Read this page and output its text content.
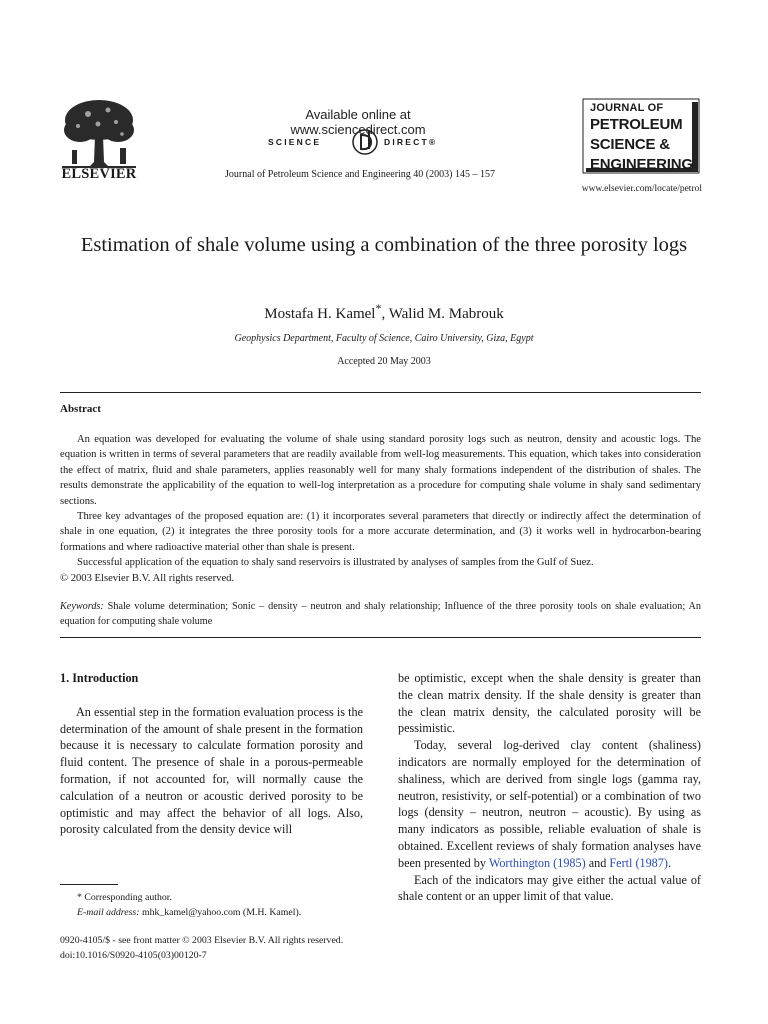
ELSEVIER
Available online at www.sciencedirect.com
SCIENCE	DIRECT®
Journal of Petroleum Science and Engineering 40 (2003) 145 – 157
JOURNAL OF
PETROLEUM
SCIENCE &
ENGINEERING
www.elsevier.com/locate/petrol
Estimation of shale volume using a combination of the three porosity logs
Mostafa H. Kamel*, Walid M. Mabrouk
Geophysics Department, Faculty of Science, Cairo University, Giza, Egypt
Accepted 20 May 2003
Abstract

An equation was developed for evaluating the volume of shale using standard porosity logs such as neutron, density and acoustic logs. The equation is written in terms of several parameters that are readily available from well-log measurements. This equation, which takes into consideration the effect of matrix, fluid and shale parameters, applies reasonably well for many shaly formations independent of the distribution of shales. The results demonstrate the applicability of the equation to well-log interpretation as a procedure for computing shale volume in shaly sand sedimentary sections.

Three key advantages of the proposed equation are: (1) it incorporates several parameters that directly or indirectly affect the determination of shale in one equation, (2) it integrates the three porosity tools for a more accurate determination, and (3) it works well in hydrocarbon-bearing formations and where radioactive material other than shale is present.

Successful application of the equation to shaly sand reservoirs is illustrated by analyses of samples from the Gulf of Suez.

© 2003 Elsevier B.V. All rights reserved.

Keywords: Shale volume determination; Sonic – density – neutron and shaly relationship; Influence of the three porosity tools on shale evaluation; An equation for computing shale volume

1. Introduction

An essential step in the formation evaluation process is the determination of the amount of shale present in the formation because it is necessary to calculate formation porosity and fluid content. The presence of shale in a porous-permeable formation, if not accounted for, will normally cause the calculation of a neutron or acoustic derived porosity to be optimistic and may affect the behavior of all logs. Also, porosity calculated from the density device will

be optimistic, except when the shale density is greater than the clean matrix density. If the shale density is greater than the clean matrix density, the calculated porosity will be pessimistic.

Today, several log-derived clay content (shaliness) indicators are normally employed for the determination of shaliness, which are derived from single logs (gamma ray, neutron, resistivity, or self-potential) or a combination of two logs (density – neutron, neutron – acoustic). By using as many indicators as possible, reliable evaluation of shale is obtained. Excellent reviews of shaly formation analyses have been presented by Worthington (1985) and Fertl (1987).

Each of the indicators may give either the actual value of shale content or an upper limit of that value.

* Corresponding author.
E-mail address: mhk_kamel@yahoo.com (M.H. Kamel).
0920-4105/$ - see front matter © 2003 Elsevier B.V. All rights reserved.
doi:10.1016/S0920-4105(03)00120-7
